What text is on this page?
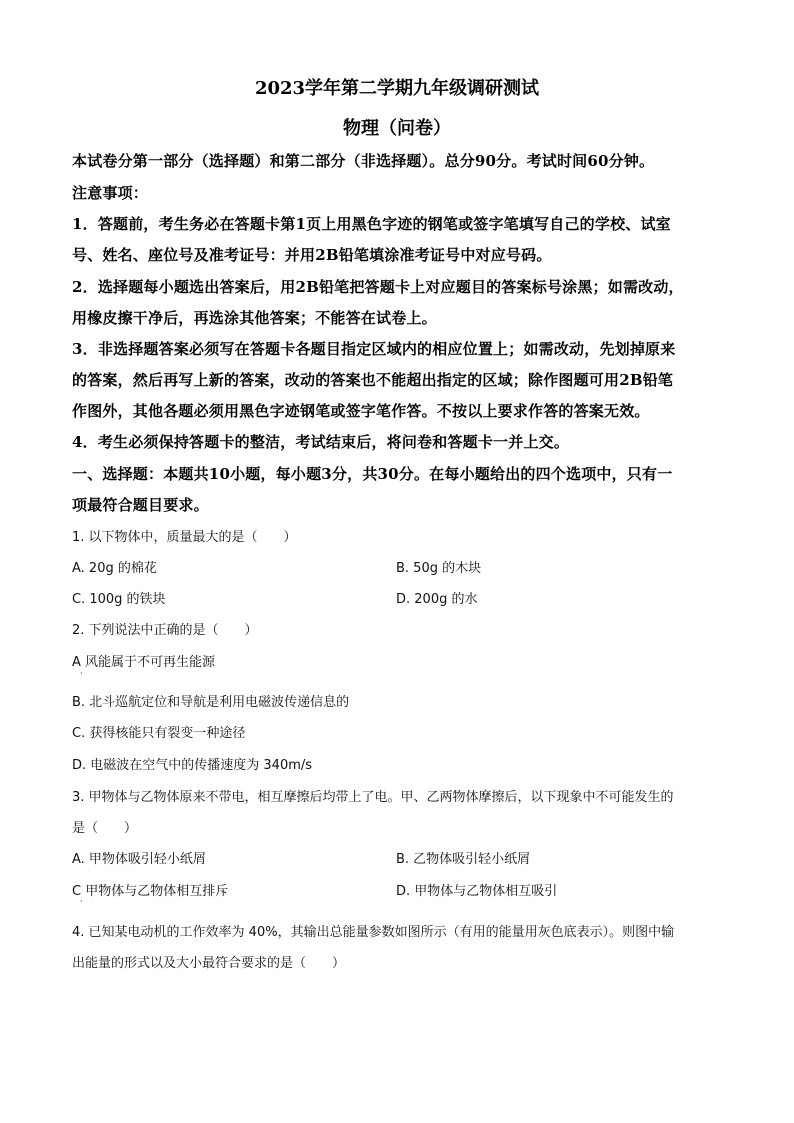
2023学年第二学期九年级调研测试
物理（问卷）
本试卷分第一部分（选择题）和第二部分（非选择题）。总分90分。考试时间60分钟。
注意事项：
1．答题前，考生务必在答题卡第1页上用黑色字迹的钢笔或签字笔填写自己的学校、试室
号、姓名、座位号及准考证号：并用2B铅笔填涂准考证号中对应号码。
2．选择题每小题选出答案后，用2B铅笔把答题卡上对应题目的答案标号涂黑；如需改动，
用橡皮擦干净后，再选涂其他答案；不能答在试卷上。
3．非选择题答案必须写在答题卡各题目指定区域内的相应位置上；如需改动，先划掉原来
的答案，然后再写上新的答案，改动的答案也不能超出指定的区域；除作图题可用2B铅笔
作图外，其他各题必须用黑色字迹钢笔或签字笔作答。不按以上要求作答的答案无效。
4．考生必须保持答题卡的整洁，考试结束后，将问卷和答题卡一并上交。
一、选择题：本题共10小题，每小题3分，共30分。在每小题给出的四个选项中，只有一
项最符合题目要求。
1. 以下物体中，质量最大的是（　　）
A. 20g 的棉花	B. 50g 的木块
C. 100g 的铁块	D. 200g 的水
2. 下列说法中正确的是（　　）
A 风能属于不可再生能源
·
B. 北斗巡航定位和导航是利用电磁波传递信息的
C. 获得核能只有裂变一种途径
D. 电磁波在空气中的传播速度为 340m/s
3. 甲物体与乙物体原来不带电，相互摩擦后均带上了电。甲、乙两物体摩擦后，以下现象中不可能发生的
是（　　）
A. 甲物体吸引轻小纸屑	B. 乙物体吸引轻小纸屑
C 甲物体与乙物体相互排斥
·
D. 甲物体与乙物体相互吸引
4. 已知某电动机的工作效率为 40%，其输出总能量参数如图所示（有用的能量用灰色底表示）。则图中输
出能量的形式以及大小最符合要求的是（　　）
